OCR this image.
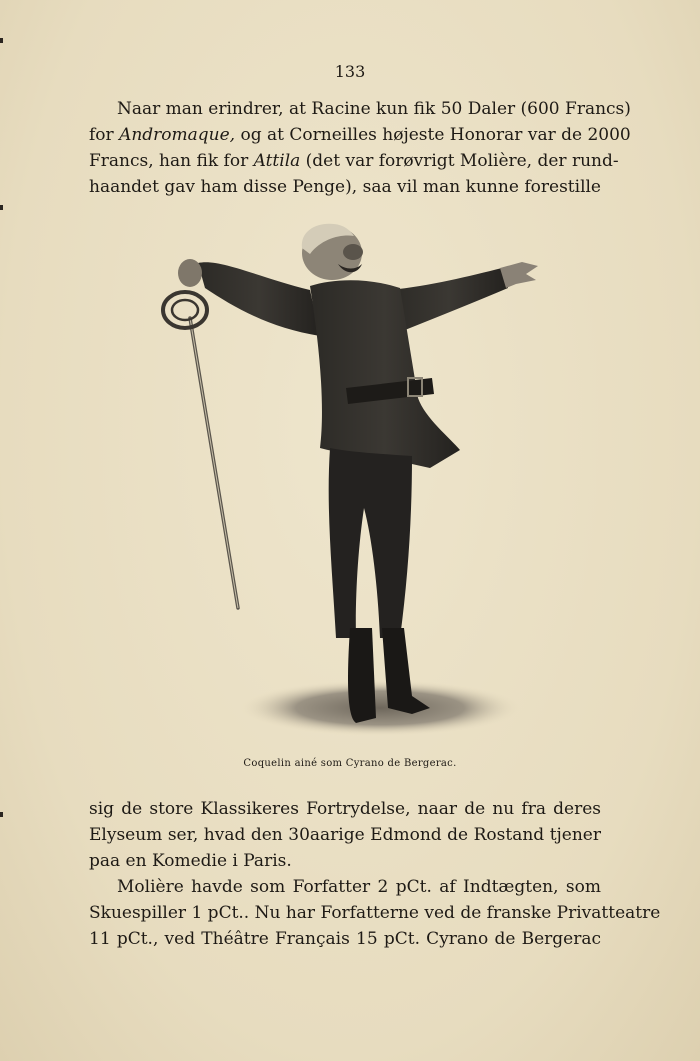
133

Naar man erindrer, at Racine kun fik 50 Daler (600 Francs)
for Andromaque, og at Corneilles højeste Honorar var de 2000
Francs, han fik for Attila (det var forøvrigt Molière, der rund-
haandet gav ham disse Penge), saa vil man kunne forestille

Coquelin ainé som Cyrano de Bergerac.

sig de store Klassikeres Fortrydelse, naar de nu fra deres
Elyseum ser, hvad den 30aarige Edmond de Rostand tjener
paa en Komedie i Paris.

Molière havde som Forfatter 2 pCt. af Indtægten, som
Skuespiller 1 pCt.. Nu har Forfatterne ved de franske Privatteatre
11 pCt., ved Théâtre Français 15 pCt. Cyrano de Bergerac
